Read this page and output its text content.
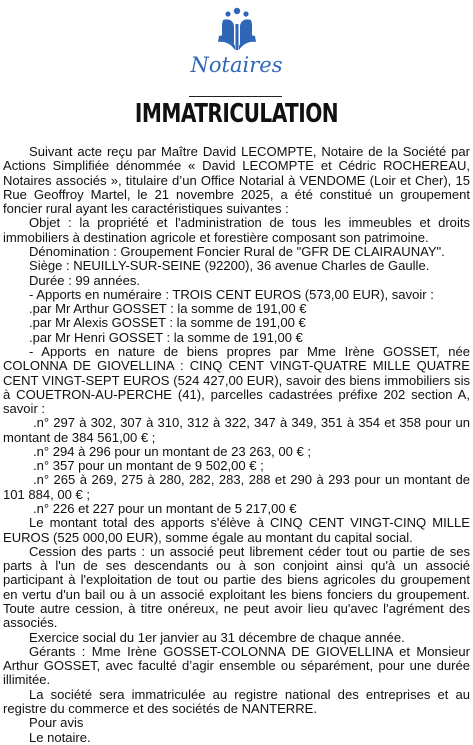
Notaires
IMMATRICULATION

Suivant acte reçu par Maître David LECOMPTE, Notaire de la Société par Actions Simplifiée dénommée « David LECOMPTE et Cédric ROCHEREAU, Notaires associés », titulaire d’un Office Notarial à VENDOME (Loir et Cher), 15 Rue Geoffroy Martel, le 21 novembre 2025, a été constitué un groupement foncier rural ayant les caractéristiques suivantes :

Objet : la propriété et l'administration de tous les immeubles et droits immobiliers à destination agricole et forestière composant son patrimoine.

Dénomination : Groupement Foncier Rural de "GFR DE CLAIRAUNAY".

Siège : NEUILLY-SUR-SEINE (92200), 36 avenue Charles de Gaulle.

Durée : 99 années.

- Apports en numéraire : TROIS CENT EUROS (573,00 EUR), savoir :

.par Mr Arthur GOSSET : la somme de 191,00 €

.par Mr Alexis GOSSET : la somme de 191,00 €

.par Mr Henri GOSSET : la somme de 191,00 €

- Apports en nature de biens propres par Mme Irène GOSSET, née COLONNA DE GIOVELLINA : CINQ CENT VINGT-QUATRE MILLE QUATRE CENT VINGT-SEPT EUROS (524 427,00 EUR), savoir des biens immobiliers sis à COUETRON-AU-PERCHE (41), parcelles cadastrées préfixe 202 section A, savoir :

.n° 297 à 302, 307 à 310, 312 à 322, 347 à 349, 351 à 354 et 358 pour un montant de 384 561,00 € ;

.n° 294 à 296 pour un montant de 23 263, 00 € ;

.n° 357 pour un montant de 9 502,00 € ;

.n° 265 à 269, 275 à 280, 282, 283, 288 et 290 à 293 pour un montant de 101 884, 00 € ;

.n° 226 et 227 pour un montant de 5 217,00 €

Le montant total des apports s'élève à CINQ CENT VINGT-CINQ MILLE EUROS (525 000,00 EUR), somme égale au montant du capital social.

Cession des parts : un associé peut librement céder tout ou partie de ses parts à l'un de ses descendants ou à son conjoint ainsi qu'à un associé participant à l'exploitation de tout ou partie des biens agricoles du groupement en vertu d'un bail ou à un associé exploitant les biens fonciers du groupement. Toute autre cession, à titre onéreux, ne peut avoir lieu qu'avec l'agrément des associés.

Exercice social du 1er janvier au 31 décembre de chaque année.

Gérants : Mme Irène GOSSET-COLONNA DE GIOVELLINA et Monsieur Arthur GOSSET, avec faculté d’agir ensemble ou séparément, pour une durée illimitée.

La société sera immatriculée au registre national des entreprises et au registre du commerce et des sociétés de NANTERRE.

Pour avis

Le notaire.
